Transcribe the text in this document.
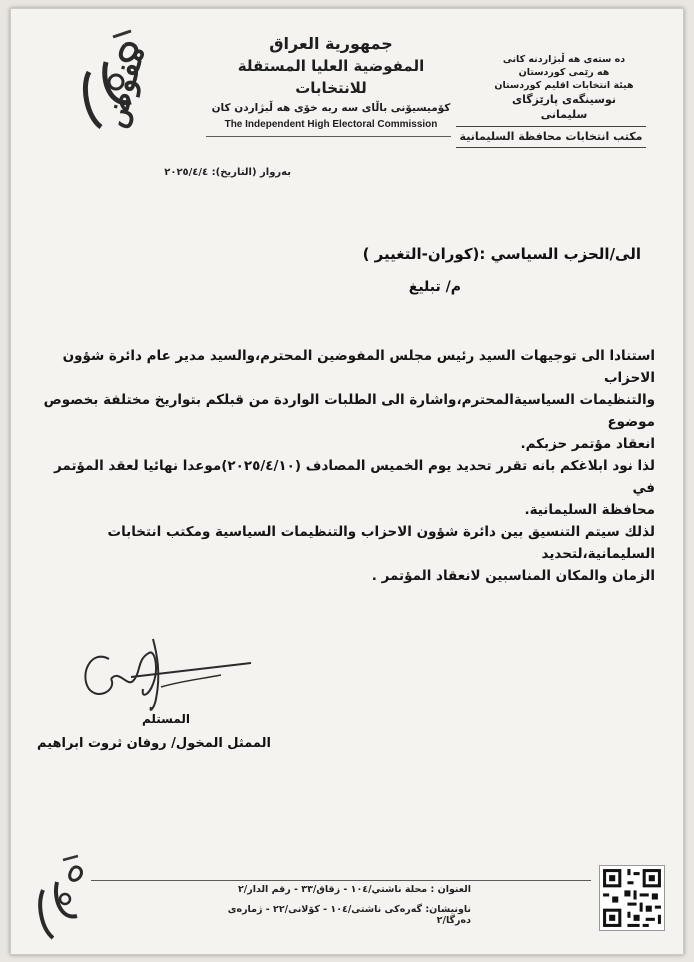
مفوض	جمهورية العراق
المفوضية العليا المستقلة للانتخابات
كۆمیسیۆنی باڵای سه ربه خۆی هه ڵبژاردن كان
The Independent High Electoral Commission
ده ستەی هه ڵبژاردنه کانی
هه رێمی کوردستان
هيئة انتخابات اقليم كوردستان
نوسینگەی پارێزگای سلیمانی
مكتب انتخابات محافظة السليمانية
بەروار (التاريخ): ٢٠٢٥/٤/٤
الى/الحزب السياسي :(كوران-التغيير )
م/ تبليغ

استنادا الى توجيهات السيد رئيس مجلس المفوضين المحترم،والسيد مدير عام دائرة شؤون الاحزاب

والتنظيمات السياسيةالمحترم،واشارة الى الطلبات الواردة من قبلكم بتواريخ مختلفة بخصوص موضوع

انعقاد مؤتمر حزبكم.

لذا نود ابلاغكم بانه تقرر تحديد يوم الخميس المصادف (٢٠٢٥/٤/١٠)موعدا نهائيا لعقد المؤتمر في

محافظة السليمانية.

لذلك سيتم التنسيق بين دائرة شؤون الاحزاب والتنظيمات السياسية ومكتب انتخابات السليمانية،لتحديد

الزمان والمكان المناسبين لانعقاد المؤتمر .

المستلم
الممثل المخول/ روفان ثروت ابراهيم
العنوان : محلة ناشتي/١٠٤ - زقاق/٣٣ - رقم الدار/٢
ناونيشان: گەرەكی ناشتی/١٠٤ - كۆلانی/٢٢ - ژمارەی دەرگا/٢
